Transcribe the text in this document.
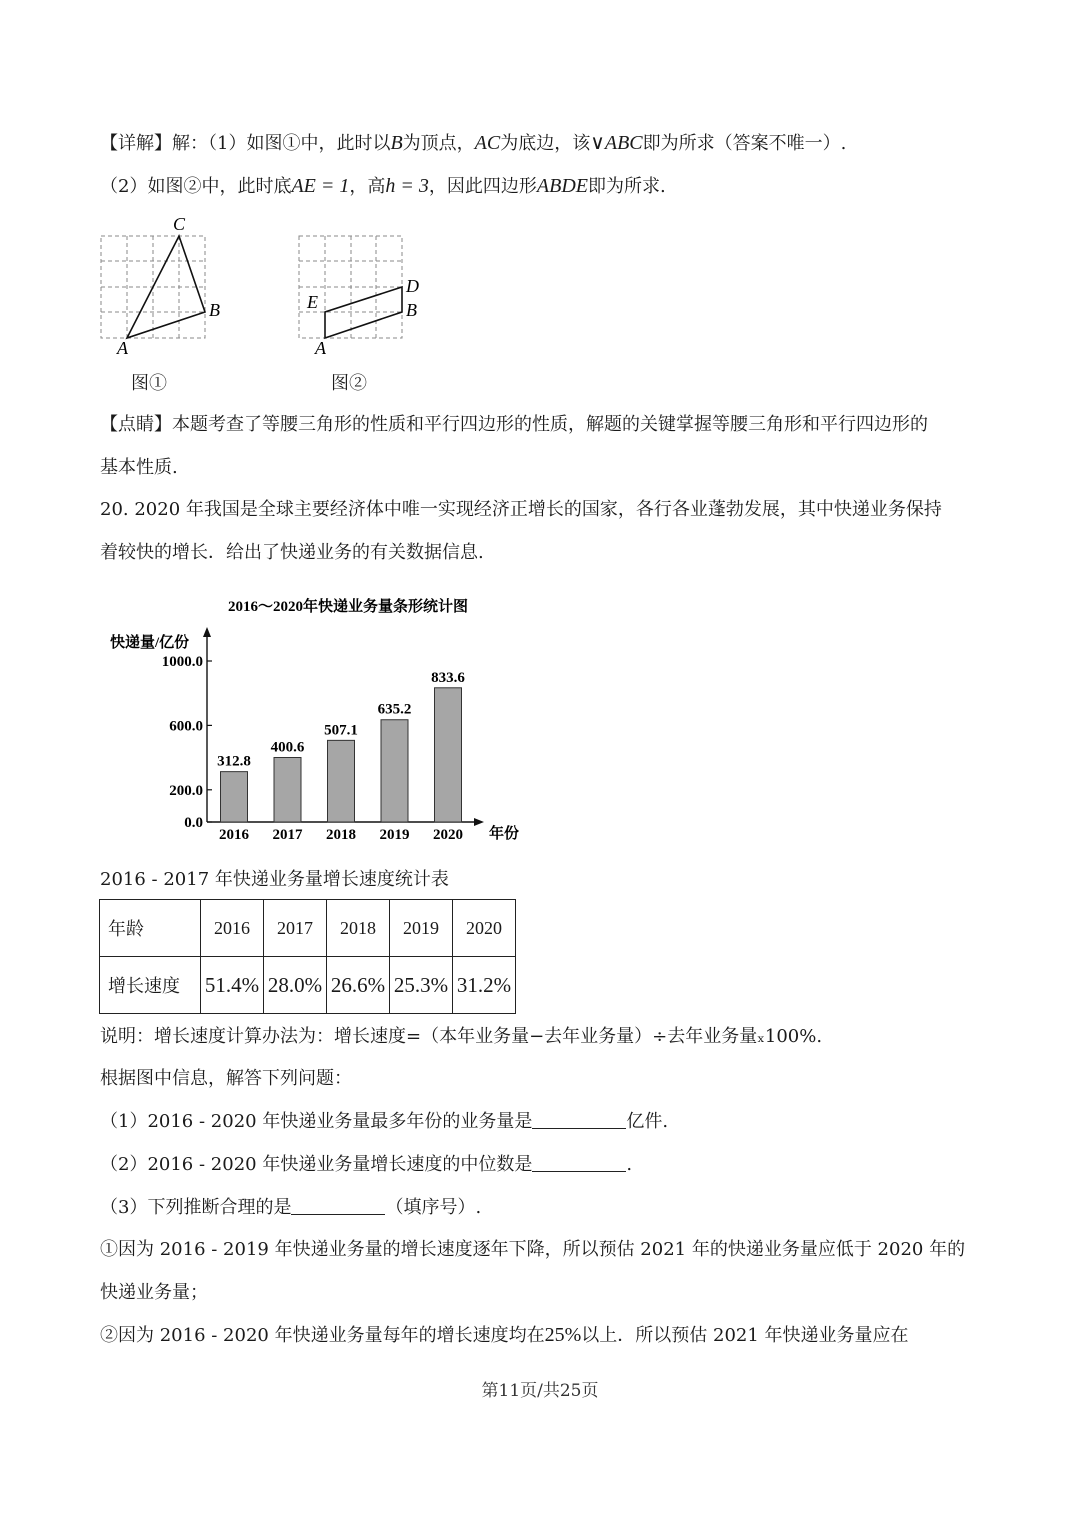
【详解】解：（1）如图①中，此时以B为顶点，AC为底边，该∨ABC即为所求（答案不唯一）.
（2）如图②中，此时底AE = 1，高h = 3，因此四边形ABDE即为所求.
C
B
A
图①
D
B
E
A
图②
【点睛】本题考查了等腰三角形的性质和平行四边形的性质，解题的关键掌握等腰三角形和平行四边形的
基本性质.
20. 2020 年我国是全球主要经济体中唯一实现经济正增长的国家，各行各业蓬勃发展，其中快递业务保持
着较快的增长．给出了快递业务的有关数据信息.
2016～2020年快递业务量条形统计图
快递量/亿份
年份
0.0
200.0
600.0
1000.0
312.8
2016
400.6
2017
507.1
2018
635.2
2019
833.6
2020
2016 - 2017 年快递业务量增长速度统计表
年龄	2016	2017	2018	2019	2020
增长速度	51.4%	28.0%	26.6%	25.3%	31.2%
说明：增长速度计算办法为：增长速度=（本年业务量−去年业务量）÷去年业务量ₓ100%.
根据图中信息，解答下列问题：
（1）2016 - 2020 年快递业务量最多年份的业务量是	亿件.
（2）2016 - 2020 年快递业务量增长速度的中位数是	.
（3）下列推断合理的是	（填序号）.
①因为 2016 - 2019 年快递业务量的增长速度逐年下降，所以预估 2021 年的快递业务量应低于 2020 年的
快递业务量；
②因为 2016 - 2020 年快递业务量每年的增长速度均在25%以上．所以预估 2021 年快递业务量应在
第11页/共25页
